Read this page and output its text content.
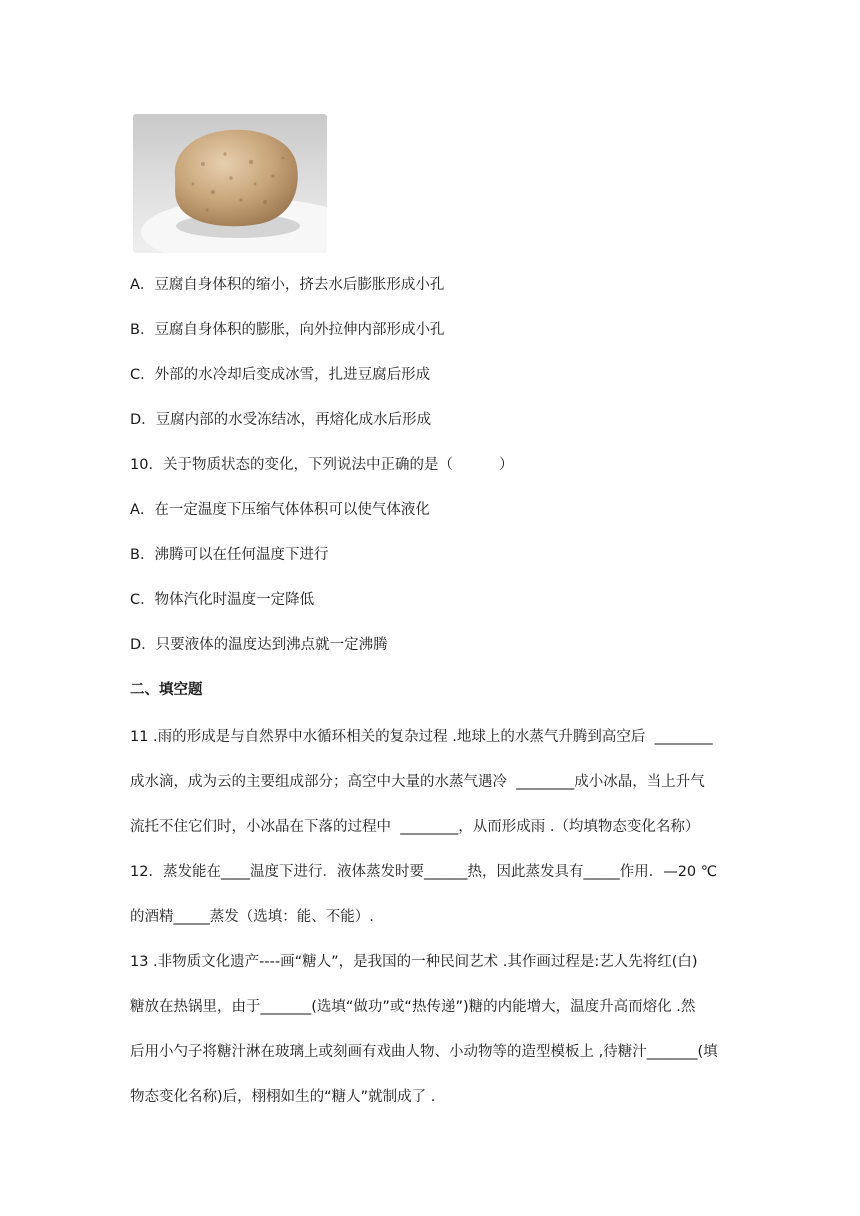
A．豆腐自身体积的缩小，挤去水后膨胀形成小孔
B．豆腐自身体积的膨胀，向外拉伸内部形成小孔
C．外部的水冷却后变成冰雪，扎进豆腐后形成
D．豆腐内部的水受冻结冰，再熔化成水后形成
10．关于物质状态的变化，下列说法中正确的是（          ）
A．在一定温度下压缩气体体积可以使气体液化
B．沸腾可以在任何温度下进行
C．物体汽化时温度一定降低
D．只要液体的温度达到沸点就一定沸腾
二、填空题
11 .雨的形成是与自然界中水循环相关的复杂过程 .地球上的水蒸气升腾到高空后  ________
成水滴，成为云的主要组成部分；高空中大量的水蒸气遇冷  ________成小冰晶，当上升气
流托不住它们时，小冰晶在下落的过程中  ________，从而形成雨 .（均填物态变化名称）
12．蒸发能在____温度下进行．液体蒸发时要______热，因此蒸发具有_____作用．—20 ℃
的酒精_____蒸发（选填：能、不能）.
13 .非物质文化遗产----画“糖人”，是我国的一种民间艺术 .其作画过程是:艺人先将红(白)
糖放在热锅里，由于_______(选填“做功”或“热传递”)糖的内能增大，温度升高而熔化 .然
后用小勺子将糖汁淋在玻璃上或刻画有戏曲人物、小动物等的造型模板上 ,待糖汁_______(填
物态变化名称)后，栩栩如生的“糖人”就制成了 .
